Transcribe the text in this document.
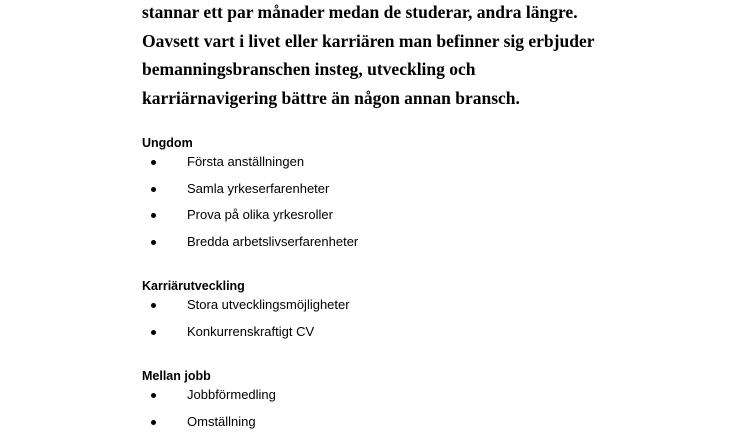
stannar ett par månader medan de studerar, andra längre.
Oavsett vart i livet eller karriären man befinner sig erbjuder
bemanningsbranschen insteg, utveckling och
karriärnavigering bättre än någon annan bransch.
Ungdom
Första anställningen
Samla yrkeserfarenheter
Prova på olika yrkesroller
Bredda arbetslivserfarenheter
Karriärutveckling
Stora utvecklingsmöjligheter
Konkurrenskraftigt CV
Mellan jobb
Jobbförmedling
Omställning
